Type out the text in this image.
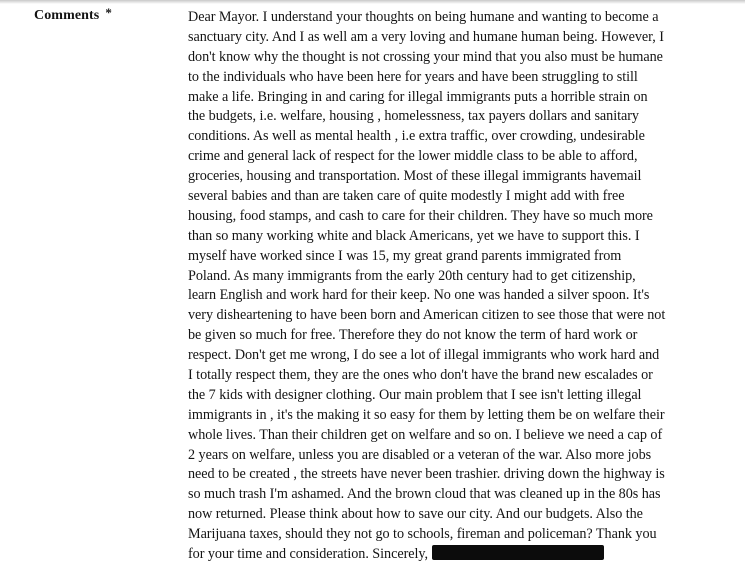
Comments *	Dear Mayor. I understand your thoughts on being humane and wanting to become a
sanctuary city. And I as well am a very loving and humane human being. However, I
don't know why the thought is not crossing your mind that you also must be humane
to the individuals who have been here for years and have been struggling to still
make a life. Bringing in and caring for illegal immigrants puts a horrible strain on
the budgets, i.e. welfare, housing , homelessness, tax payers dollars and sanitary
conditions. As well as mental health , i.e extra traffic, over crowding, undesirable
crime and general lack of respect for the lower middle class to be able to afford,
groceries, housing and transportation. Most of these illegal immigrants havemail
several babies and than are taken care of quite modestly I might add with free
housing, food stamps, and cash to care for their children. They have so much more
than so many working white and black Americans, yet we have to support this. I
myself have worked since I was 15, my great grand parents immigrated from
Poland. As many immigrants from the early 20th century had to get citizenship,
learn English and work hard for their keep. No one was handed a silver spoon. It's
very disheartening to have been born and American citizen to see those that were not
be given so much for free. Therefore they do not know the term of hard work or
respect. Don't get me wrong, I do see a lot of illegal immigrants who work hard and
I totally respect them, they are the ones who don't have the brand new escalades or
the 7 kids with designer clothing. Our main problem that I see isn't letting illegal
immigrants in , it's the making it so easy for them by letting them be on welfare their
whole lives. Than their children get on welfare and so on. I believe we need a cap of
2 years on welfare, unless you are disabled or a veteran of the war. Also more jobs
need to be created , the streets have never been trashier. driving down the highway is
so much trash I'm ashamed. And the brown cloud that was cleaned up in the 80s has
now returned. Please think about how to save our city. And our budgets. Also the
Marijuana taxes, should they not go to schools, fireman and policeman? Thank you
for your time and consideration. Sincerely,
